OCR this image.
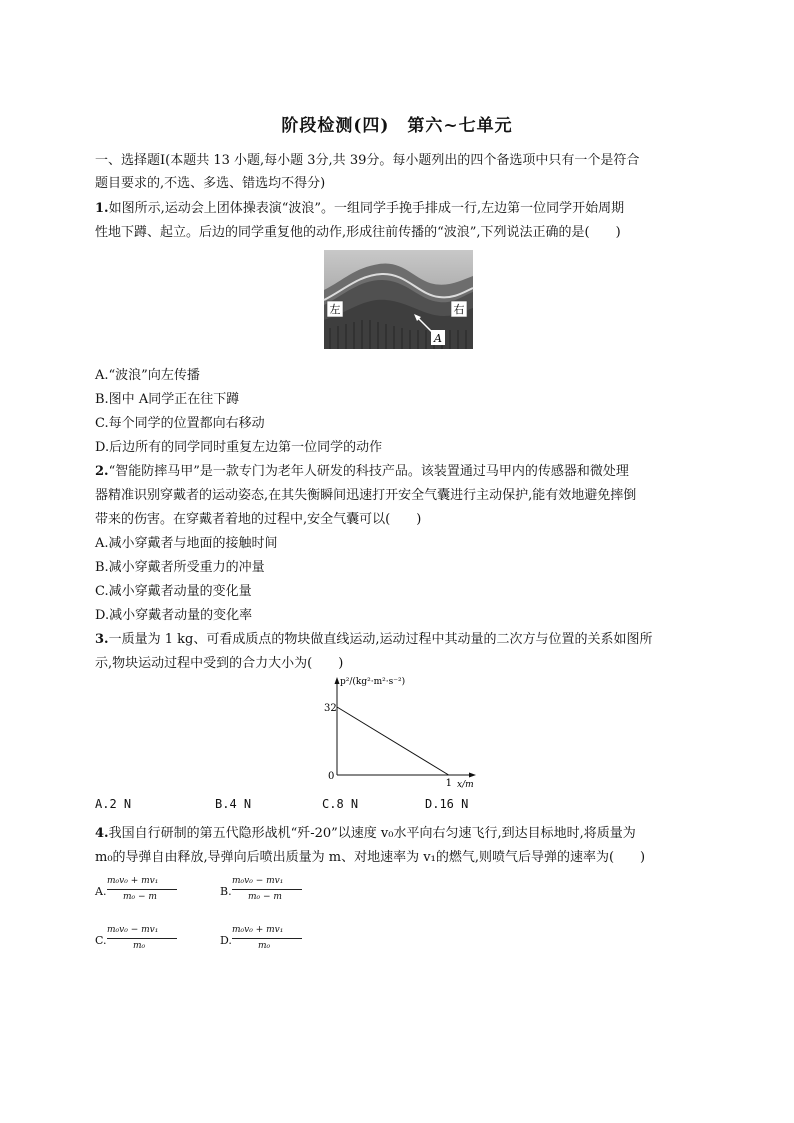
阶段检测(四)　第六~七单元
一、选择题Ⅰ(本题共 13 小题,每小题 3分,共 39分。每小题列出的四个备选项中只有一个是符合
题目要求的,不选、多选、错选均不得分)
1.如图所示,运动会上团体操表演“波浪”。一组同学手挽手排成一行,左边第一位同学开始周期
性地下蹲、起立。后边的同学重复他的动作,形成往前传播的“波浪”,下列说法正确的是(　　)
左	右
A
A.“波浪”向左传播
B.图中 A同学正在往下蹲
C.每个同学的位置都向右移动
D.后边所有的同学同时重复左边第一位同学的动作
2.“智能防摔马甲”是一款专门为老年人研发的科技产品。该装置通过马甲内的传感器和微处理
器精准识别穿戴者的运动姿态,在其失衡瞬间迅速打开安全气囊进行主动保护,能有效地避免摔倒
带来的伤害。在穿戴者着地的过程中,安全气囊可以(　　)
A.减小穿戴者与地面的接触时间
B.减小穿戴者所受重力的冲量
C.减小穿戴者动量的变化量
D.减小穿戴者动量的变化率
3.一质量为 1 kg、可看成质点的物块做直线运动,运动过程中其动量的二次方与位置的关系如图所
示,物块运动过程中受到的合力大小为(　　)
p²/(kg²·m²·s⁻²)
x/m
0
32
1
A.2 N	B.4 N	C.8 N	D.16 N
4.我国自行研制的第五代隐形战机“歼-20”以速度 v₀水平向右匀速飞行,到达目标地时,将质量为
m₀的导弹自由释放,导弹向后喷出质量为 m、对地速率为 v₁的燃气,则喷气后导弹的速率为(　　)
A.
m₀v₀ + mv₁
m₀ − m	B.
m₀v₀ − mv₁
m₀ − m
C.
m₀v₀ − mv₁
m₀	D.
m₀v₀ + mv₁
m₀
